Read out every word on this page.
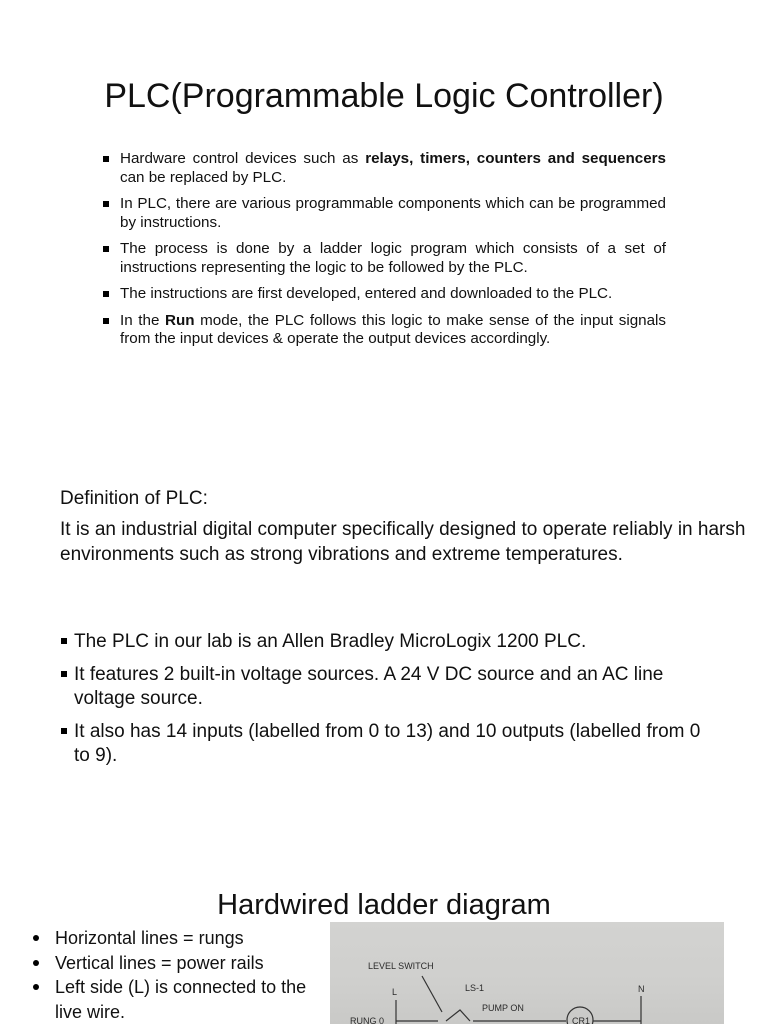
PLC(Programmable Logic Controller)
Hardware control devices such as relays, timers, counters and sequencers can be replaced by PLC.
In PLC, there are various programmable components which can be programmed by instructions.
The process is done by a ladder logic program which consists of a set of instructions representing the logic to be followed by the PLC.
The instructions are first developed, entered and downloaded to the PLC.
In the Run mode, the PLC follows this logic to make sense of the input signals from the input devices & operate the output devices accordingly.
Definition of PLC:
It is an industrial digital computer specifically designed to operate reliably in harsh environments such as strong vibrations and extreme temperatures.
The PLC in our lab is an Allen Bradley MicroLogix 1200 PLC.
It features 2 built-in voltage sources. A 24 V DC source and an AC line voltage source.
It also has 14 inputs (labelled from 0 to 13) and 10 outputs (labelled from 0 to 9).
Hardwired ladder diagram
Horizontal lines = rungs
Vertical lines = power rails
Left side (L) is connected to the live wire.
LEVEL SWITCH
L	N
LS-1
PUMP ON
RUNG 0	CR1
